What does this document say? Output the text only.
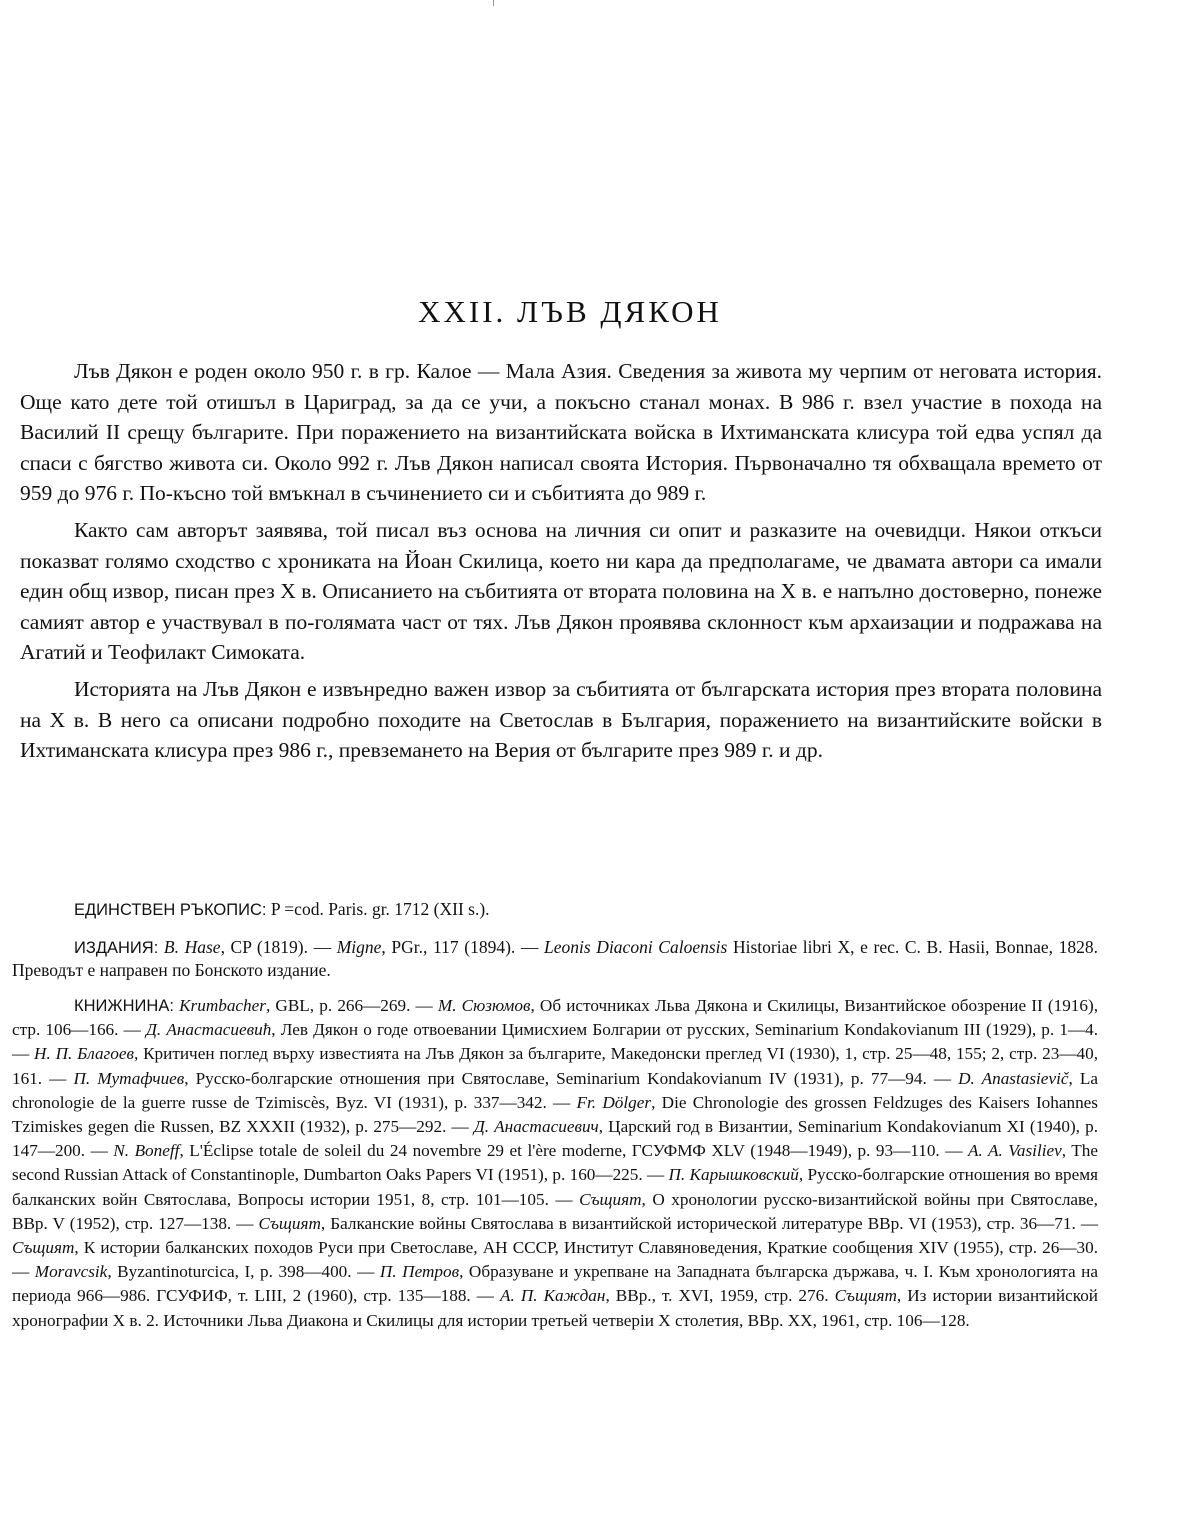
XXII. ЛЪВ ДЯКОН

Лъв Дякон е роден около 950 г. в гр. Калое — Мала Азия. Сведения за живота му черпим от неговата история. Още като дете той отишъл в Цариград, за да се учи, а покъсно станал монах. В 986 г. взел участие в похода на Василий II срещу българите. При поражението на византийската войска в Ихтиманската клисура той едва успял да спаси с бягство живота си. Около 992 г. Лъв Дякон написал своята История. Първоначално тя обхващала времето от 959 до 976 г. По-късно той вмъкнал в съчинението си и събитията до 989 г.

Както сам авторът заявява, той писал въз основа на личния си опит и разказите на очевидци. Някои откъси показват голямо сходство с хрониката на Йоан Скилица, което ни кара да предполагаме, че двамата автори са имали един общ извор, писан през X в. Описанието на събитията от втората половина на X в. е напълно достоверно, понеже самият автор е участвувал в по-голямата част от тях. Лъв Дякон проявява склонност към архаизации и подражава на Агатий и Теофилакт Симоката.

Историята на Лъв Дякон е извънредно важен извор за събитията от българската история през втората половина на X в. В него са описани подробно походите на Светослав в България, поражението на византийските войски в Ихтиманската клисура през 986 г., превземането на Верия от българите през 989 г. и др.

ЕДИНСТВЕН РЪКОПИС: P =cod. Paris. gr. 1712 (XII s.).

ИЗДАНИЯ: B. Hase, CP (1819). — Migne, PGr., 117 (1894). — Leonis Diaconi Caloensis Historiae libri X, e rec. C. B. Hasii, Bonnae, 1828. Преводът е направен по Бонското издание.

КНИЖНИНА: Krumbacher, GBL, p. 266—269. — М. Сюзюмов, Об источниках Льва Дякона и Скилицы, Византийское обозрение II (1916), стр. 106—166. — Д. Анастасиевић, Лев Дякон о годе отвоевании Цимисхием Болгарии от русских, Seminarium Kondakovianum III (1929), p. 1—4. — Н. П. Благоев, Критичен поглед върху известията на Лъв Дякон за българите, Македонски преглед VI (1930), 1, стр. 25—48, 155; 2, стр. 23—40, 161. — П. Мутафчиев, Русско-болгарские отношения при Святославе, Seminarium Kondakovianum IV (1931), p. 77—94. — D. Anastasievič, La chronologie de la guerre russe de Tzimiscès, Byz. VI (1931), p. 337—342. — Fr. Dölger, Die Chronologie des grossen Feldzuges des Kaisers Iohannes Tzimiskes gegen die Russen, BZ XXXII (1932), p. 275—292. — Д. Анастасиевич, Царский год в Византии, Seminarium Kondakovianum XI (1940), p. 147—200. — N. Boneff, L'Éclipse totale de soleil du 24 novembre 29 et l'ère moderne, ГСУФМФ XLV (1948—1949), p. 93—110. — A. A. Vasiliev, The second Russian Attack of Constantinople, Dumbarton Oaks Papers VI (1951), p. 160—225. — П. Карышковский, Русско-болгарские отношения во время балканских войн Святослава, Вопросы истории 1951, 8, стр. 101—105. — Същият, О хронологии русско-византийской войны при Святославе, BBp. V (1952), стр. 127—138. — Същият, Балканские войны Святослава в византийской исторической литературе BBp. VI (1953), стр. 36—71. — Същият, К истории балканских походов Руси при Светославе, АН СССР, Институт Славяноведения, Краткие сообщения XIV (1955), стр. 26—30. — Moravcsik, Byzantinoturcica, I, p. 398—400. — П. Петров, Образуване и укрепване на Западната българска държава, ч. I. Към хронологията на периода 966—986. ГСУФИФ, т. LIII, 2 (1960), стр. 135—188. — А. П. Каждан, BBp., т. XVI, 1959, стр. 276. Същият, Из истории византийской хронографии X в. 2. Источники Льва Диакона и Скилицы для истории третьей четверіи X столетия, BBp. XX, 1961, стр. 106—128.
